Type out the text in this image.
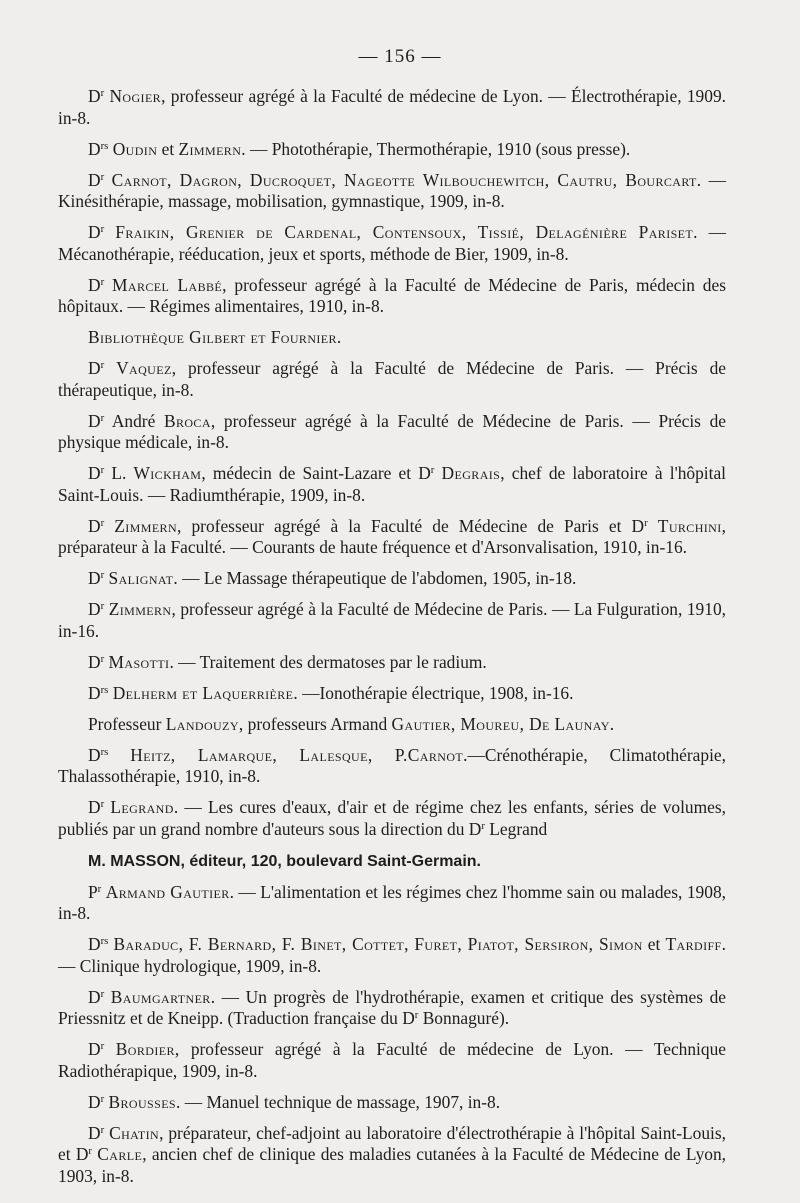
— 156 —
$D^r$ Nogier, professeur agrégé à la Faculté de médecine de Lyon. — Électrothérapie, 1909. in-8.
$D^{rs}$ Oudin et Zimmern. — Photothérapie, Thermothérapie, 1910 (sous presse).
$D^r$ Carnot, Dagron, Ducroquet, Nageotte Wilbouchewitch, Cautru, Bourcart. — Kinésithérapie, massage, mobilisation, gymnastique, 1909, in-8.
$D^r$ Fraikin, Grenier de Cardenal, Contensoux, Tissié, Delagénière Pariset. — Mécanothérapie, rééducation, jeux et sports, méthode de Bier, 1909, in-8.
$D^r$ Marcel Labbé, professeur agrégé à la Faculté de Médecine de Paris, médecin des hôpitaux. — Régimes alimentaires, 1910, in-8.
Bibliothèque Gilbert et Fournier.
$D^r$ Vaquez, professeur agrégé à la Faculté de Médecine de Paris. — Précis de thérapeutique, in-8.
$D^r$ André Broca, professeur agrégé à la Faculté de Médecine de Paris. — Précis de physique médicale, in-8.
$D^r$ L. Wickham, médecin de Saint-Lazare et $D^r$ Degrais, chef de laboratoire à l'hôpital Saint-Louis. — Radiumthérapie, 1909, in-8.
$D^r$ Zimmern, professeur agrégé à la Faculté de Médecine de Paris et $D^r$ Turchini, préparateur à la Faculté. — Courants de haute fréquence et d'Arsonvalisation, 1910, in-16.
$D^r$ Salignat. — Le Massage thérapeutique de l'abdomen, 1905, in-18.
$D^r$ Zimmern, professeur agrégé à la Faculté de Médecine de Paris. — La Fulguration, 1910, in-16.
$D^r$ Masotti. — Traitement des dermatoses par le radium.
$D^{rs}$ Delherm et Laquerrière. —Ionothérapie électrique, 1908, in-16.
Professeur Landouzy, professeurs Armand Gautier, Moureu, De Launay.
$D^{rs}$ Heitz, Lamarque, Lalesque, P.Carnot.—Crénothérapie, Climatothérapie, Thalassothérapie, 1910, in-8.
$D^r$ Legrand. — Les cures d'eaux, d'air et de régime chez les enfants, séries de volumes, publiés par un grand nombre d'auteurs sous la direction du $D^r$ Legrand
M. MASSON, éditeur, 120, boulevard Saint-Germain.
$P^r$ Armand Gautier. — L'alimentation et les régimes chez l'homme sain ou malades, 1908, in-8.
$D^{rs}$ Baraduc, F. Bernard, F. Binet, Cottet, Furet, Piatot, Sersiron, Simon et Tardiff. — Clinique hydrologique, 1909, in-8.
$D^r$ Baumgartner. — Un progrès de l'hydrothérapie, examen et critique des systèmes de Priessnitz et de Kneipp. (Traduction française du $D^r$ Bonnaguré).
$D^r$ Bordier, professeur agrégé à la Faculté de médecine de Lyon. — Technique Radiothérapique, 1909, in-8.
$D^r$ Brousses. — Manuel technique de massage, 1907, in-8.
$D^r$ Chatin, préparateur, chef-adjoint au laboratoire d'électrothérapie à l'hôpital Saint-Louis, et $D^r$ Carle, ancien chef de clinique des maladies cutanées à la Faculté de Médecine de Lyon, 1903, in-8.
